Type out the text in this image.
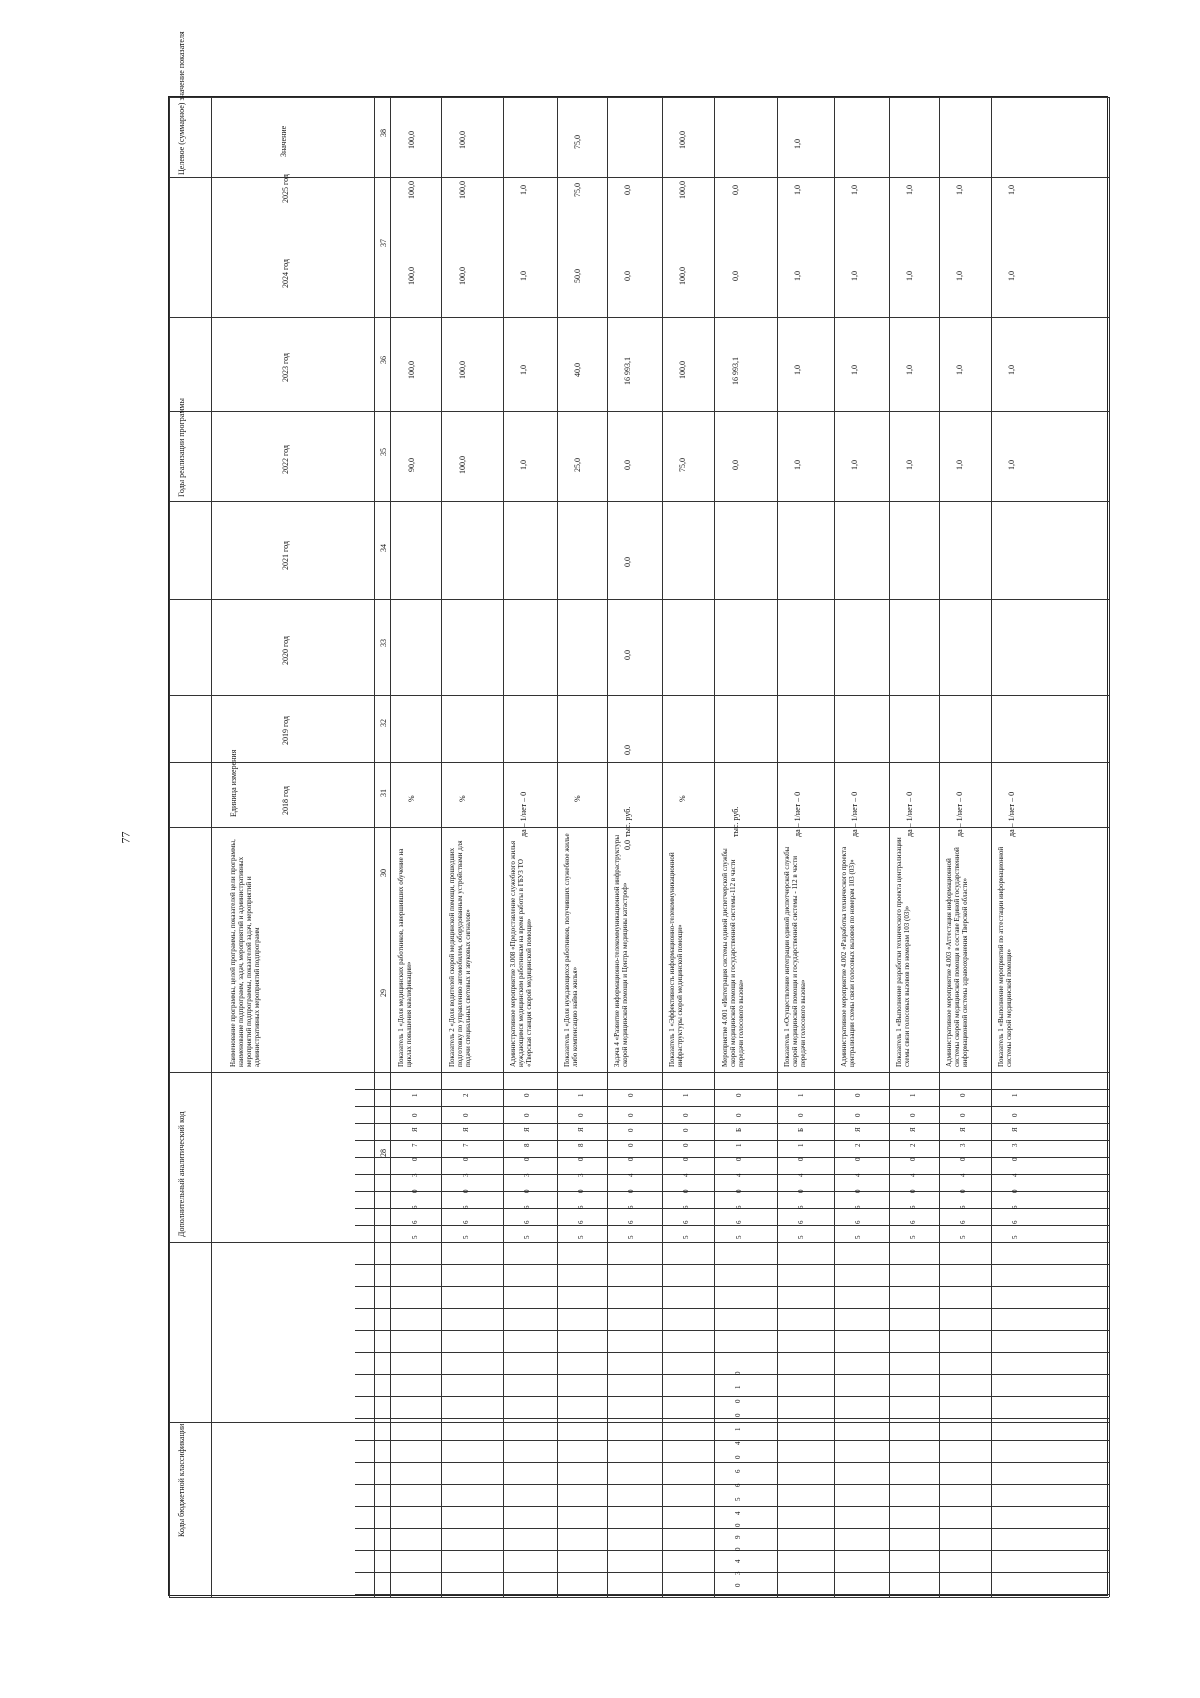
77
Целевое (суммарное) значение показателя	Значение
Годы реализации программы
2018 год
2019 год
2020 год
2021 год
2022 год
2023 год
2024 год
2025 год
Единица измерения
Коды бюджетной классификации
Дополнительный аналитический код
Наименование программы, целей программы, показателей цели программы, наименование подпрограмм, задач, мероприятий и административных мероприятий подпрограммы, показателей задач, мероприятий и административных мероприятий подпрограмм
38
37
36
35
34
33
32
31
30
29
28
Показатель 1 «Доля медицинских работников, завершивших обучение на циклах повышения квалификации»
%
90,0
100,0
100,0
100,0
100,0
5
6
6
0
3
0
7
Я
0
1
Показатель 2 «Доля водителей скорой медицинской помощи, прошедших подготовку по управлению автомобилем, оборудованным устройствами для подачи специальных световых и звуковых сигналов»
%
100,0
100,0
100,0
100,0
100,0
5
6
6
0
3
0
7
Я
0
2
Административное мероприятие 3.008 «Предоставление служебного жилья нуждающимся медицинским работникам на время работы в ГБУЗ ТО «Тверская станция скорой медицинской помощи»
да – 1/нет – 0
1,0
1,0
1,0
1,0
5
6
6
0
3
0
8
Я
0
0
Показатель 1 «Доля нуждающихся работников, получивших служебное жилье либо компенсацию найма жилья»
%
25,0
40,0
50,0
75,0
75,0
5
6
6
0
3
0
8
Я
0
1
Задача 4 «Развитие информационно-телекоммуникационной инфраструктуры скорой медицинской помощи и Центра медицины катастроф»
тыс. руб.
0,0
0,0
0,0
0,0
0,0
16 993,1
0,0
0,0
5
6
6
0
4
0
0
0
0
0
Показатель 1 «Эффективность информационно-телекоммуникационной инфраструктуры скорой медицинской помощи»
%
75,0
100,0
100,0
100,0
100,0
5
6
6
0
4
0
0
0
0
1
Мероприятие 4.001 «Интеграция системы единой диспетчерской службы скорой медицинской помощи и государственной системы-112 в части передачи голосового вызова»
тыс. руб.
0,0
16 993,1
0,0
0,0
5
6
6
0
4
0
1
Б
0
0
Показатель 1 «Осуществление интеграции единой диспетчерской службы скорой медицинской помощи и государственной системы - 112 в части передачи голосового вызова»
да – 1/нет – 0
1,0
1,0
1,0
1,0
1,0
5
6
6
0
4
0
1
Б
0
1
Административное мероприятие 4.002 «Разработка технического проекта централизации схемы связи голосовых вызовов по номерам 103 (03)»
да – 1/нет – 0
1,0
1,0
1,0
1,0
5
6
6
0
4
0
2
Я
0
0
Показатель 1 «Выполнение разработки технического проекта централизации схемы связи голосовых вызовов по номерам 103 (03)»
да – 1/нет – 0
1,0
1,0
1,0
1,0
5
6
6
0
4
0
2
Я
0
1
Административное мероприятие 4.003 «Аттестация информационной системы скорой медицинской помощи в составе Единой государственной информационной системы здравоохранения Тверской области»
да – 1/нет – 0
1,0
1,0
1,0
1,0
5
6
6
0
4
0
3
Я
0
0
Показатель 1 «Выполнение мероприятий по аттестации информационной системы скорой медицинской помощи»
да – 1/нет – 0
1,0
1,0
1,0
1,0
5
6
6
0
4
0
3
Я
0
1
0
3
4
0
9
0
4
5
6
6
0
4
1
0
0
1
0
